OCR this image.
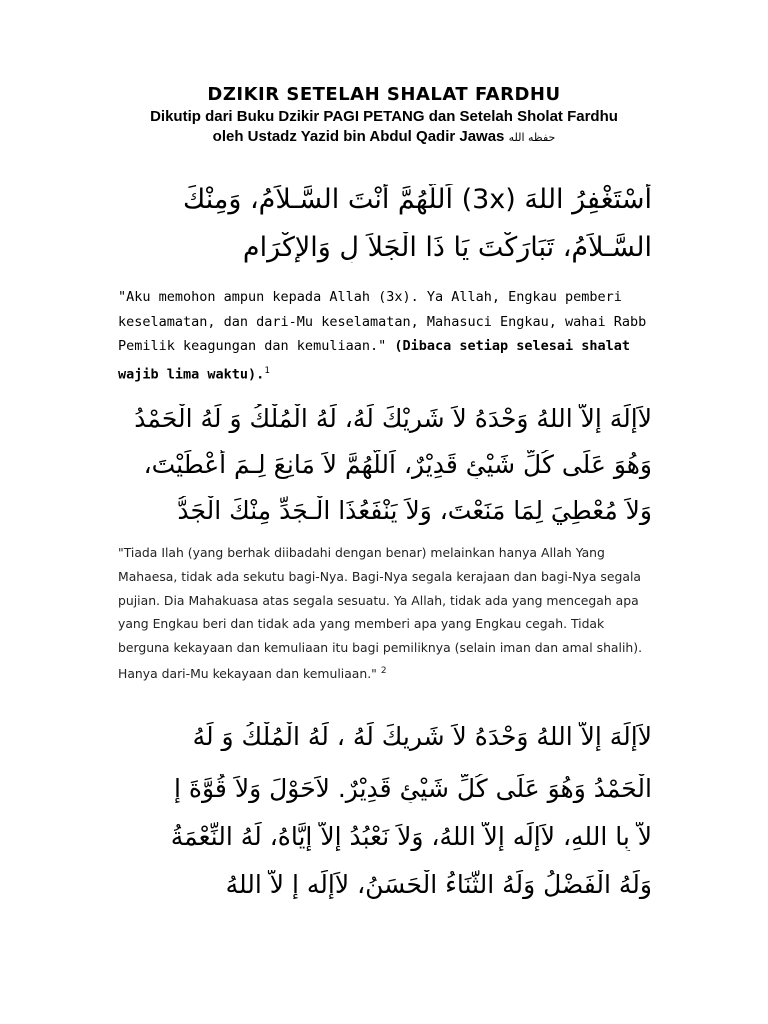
DZIKIR SETELAH SHALAT FARDHU
Dikutip dari Buku Dzikir PAGI PETANG dan Setelah Sholat Fardhu
oleh Ustadz Yazid bin Abdul Qadir Jawas حفظه الله
أَسْتَغْفِرُ اللهَ (3x) اَللَّهُمَّ أَنْتَ السَّـلاَمُ، وَمِنْكَ
السَّـلاَمُ، تَبَارَكْتَ يَا ذَا الْجَلاَ لِ وَالإِكْرَامِ
"Aku memohon ampun kepada Allah (3x). Ya Allah, Engkau pemberi keselamatan, dan dari-Mu keselamatan, Mahasuci Engkau, wahai Rabb Pemilik keagungan dan kemuliaan." (Dibaca setiap selesai shalat wajib lima waktu).$^1$
لاَإِلَهَ إِلاَّ اللهُ وَحْدَهُ لاَ شَرِيْكَ لَهُ، لَهُ الْمُلْكُ وَ لَهُ الْحَمْدُ
وَهُوَ عَلَى كُلِّ شَيْئٍ قَدِيْرٌ، اَللَّهُمَّ لاَ مَانِعَ لِـمَ أَعْطَيْتَ،
وَلاَ مُعْطِيَ لِمَا مَنَعْتَ، وَلاَ يَنْفَعُذَا الْـجَدِّ مِنْكَ الْجَدُّ
"Tiada Ilah (yang berhak diibadahi dengan benar) melainkan hanya Allah Yang Mahaesa, tidak ada sekutu bagi-Nya. Bagi-Nya segala kerajaan dan bagi-Nya segala pujian. Dia Mahakuasa atas segala sesuatu. Ya Allah, tidak ada yang mencegah apa yang Engkau beri dan tidak ada yang memberi apa yang Engkau cegah. Tidak berguna kekayaan dan kemuliaan itu bagi pemiliknya (selain iman dan amal shalih). Hanya dari-Mu kekayaan dan kemuliaan." $^2$
لاَإِلَهَ إِلاَّ اللهُ وَحْدَهُ لاَ شَرِيكَ لَهُ ، لَهُ الْمُلْكُ وَ لَهُ
الْحَمْدُ وَهُوَ عَلَى كُلِّ شَيْئٍ قَدِيْرٌ. لاَحَوْلَ وَلاَ قُوَّةَ إِ
لاَّ بِا اللهِ، لاَإِلَه إِلاَّ اللهُ، وَلاَ نَعْبُدُ إِلاَّ إِيَّاهُ، لَهُ النِّعْمَةُ
وَلَهُ الْفَضْلُ وَلَهُ الثَّنَاءُ الْحَسَنُ، لاَإِلَه إِ لاَّ اللهُ
